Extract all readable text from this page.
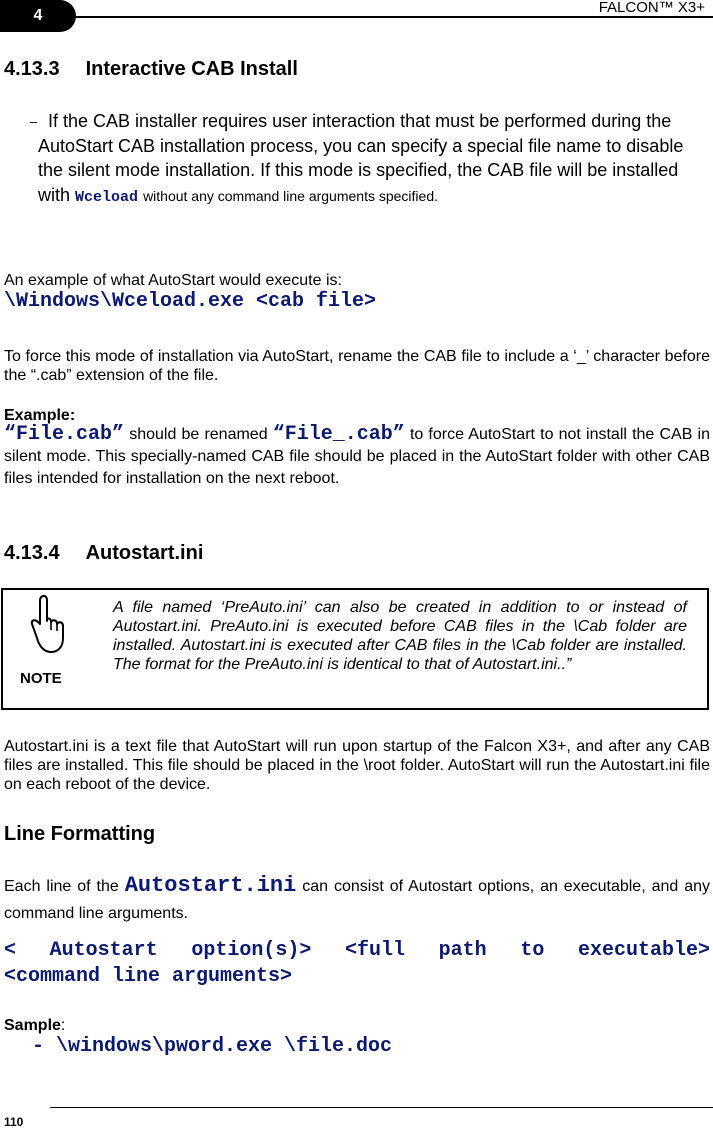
4	FALCON™ X3+
4.13.3 Interactive CAB Install
– If the CAB installer requires user interaction that must be performed during the AutoStart CAB installation process, you can specify a special file name to disable the silent mode installation. If this mode is specified, the CAB file will be installed with Wceload without any command line arguments specified.
An example of what AutoStart would execute is:
\Windows\Wceload.exe <cab file>
To force this mode of installation via AutoStart, rename the CAB file to include a ‘_’ character before the “.cab” extension of the file.
Example:
“File.cab” should be renamed “File_.cab” to force AutoStart to not install the CAB in silent mode. This specially-named CAB file should be placed in the AutoStart folder with other CAB files intended for installation on the next reboot.
4.13.4 Autostart.ini
NOTE
A file named ‘PreAuto.ini’ can also be created in addition to or instead of Autostart.ini. PreAuto.ini is executed before CAB files in the \Cab folder are installed. Autostart.ini is executed after CAB files in the \Cab folder are installed. The format for the PreAuto.ini is identical to that of Autostart.ini..”
Autostart.ini is a text file that AutoStart will run upon startup of the Falcon X3+, and after any CAB files are installed. This file should be placed in the \root folder. AutoStart will run the Autostart.ini file on each reboot of the device.
Line Formatting
Each line of the Autostart.ini can consist of Autostart options, an executable, and any command line arguments.
< Autostart option(s)> <full path to executable>
<command line arguments>
Sample:
- \windows\pword.exe \file.doc
110
